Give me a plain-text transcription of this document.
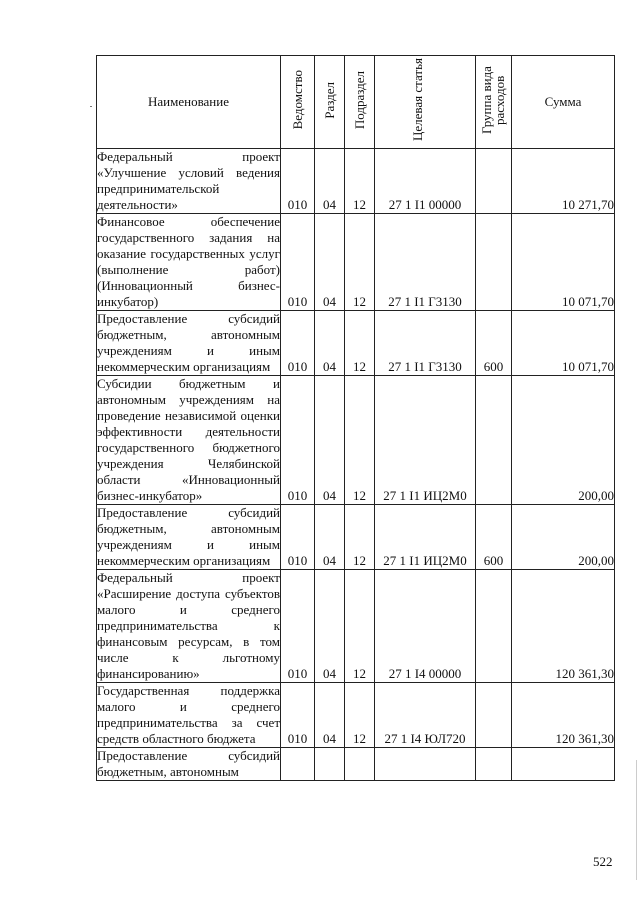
Наименование	Ведомство	Раздел	Подраздел	Целевая статья	Группа вида расходов	Сумма
Федеральный проект «Улучшение условий ведения предпринимательской деятельности»	010	04	12	27 1 I1 00000		10 271,70
Финансовое обеспечение государственного задания на оказание государственных услуг (выполнение работ) (Инновационный бизнес-инкубатор)	010	04	12	27 1 I1 Г3130		10 071,70
Предоставление субсидий бюджетным, автономным учреждениям и иным некоммерческим организациям	010	04	12	27 1 I1 Г3130	600	10 071,70
Субсидии бюджетным и автономным учреждениям на проведение независимой оценки эффективности деятельности государственного бюджетного учреждения Челябинской области «Инновационный бизнес-инкубатор»	010	04	12	27 1 I1 ИЦ2М0		200,00
Предоставление субсидий бюджетным, автономным учреждениям и иным некоммерческим организациям	010	04	12	27 1 I1 ИЦ2М0	600	200,00
Федеральный проект «Расширение доступа субъектов малого и среднего предпринимательства к финансовым ресурсам, в том числе к льготному финансированию»	010	04	12	27 1 I4 00000		120 361,30
Государственная поддержка малого и среднего предпринимательства за счет средств областного бюджета	010	04	12	27 1 I4 ЮЛ720		120 361,30
Предоставление субсидий бюджетным, автономным						
522
